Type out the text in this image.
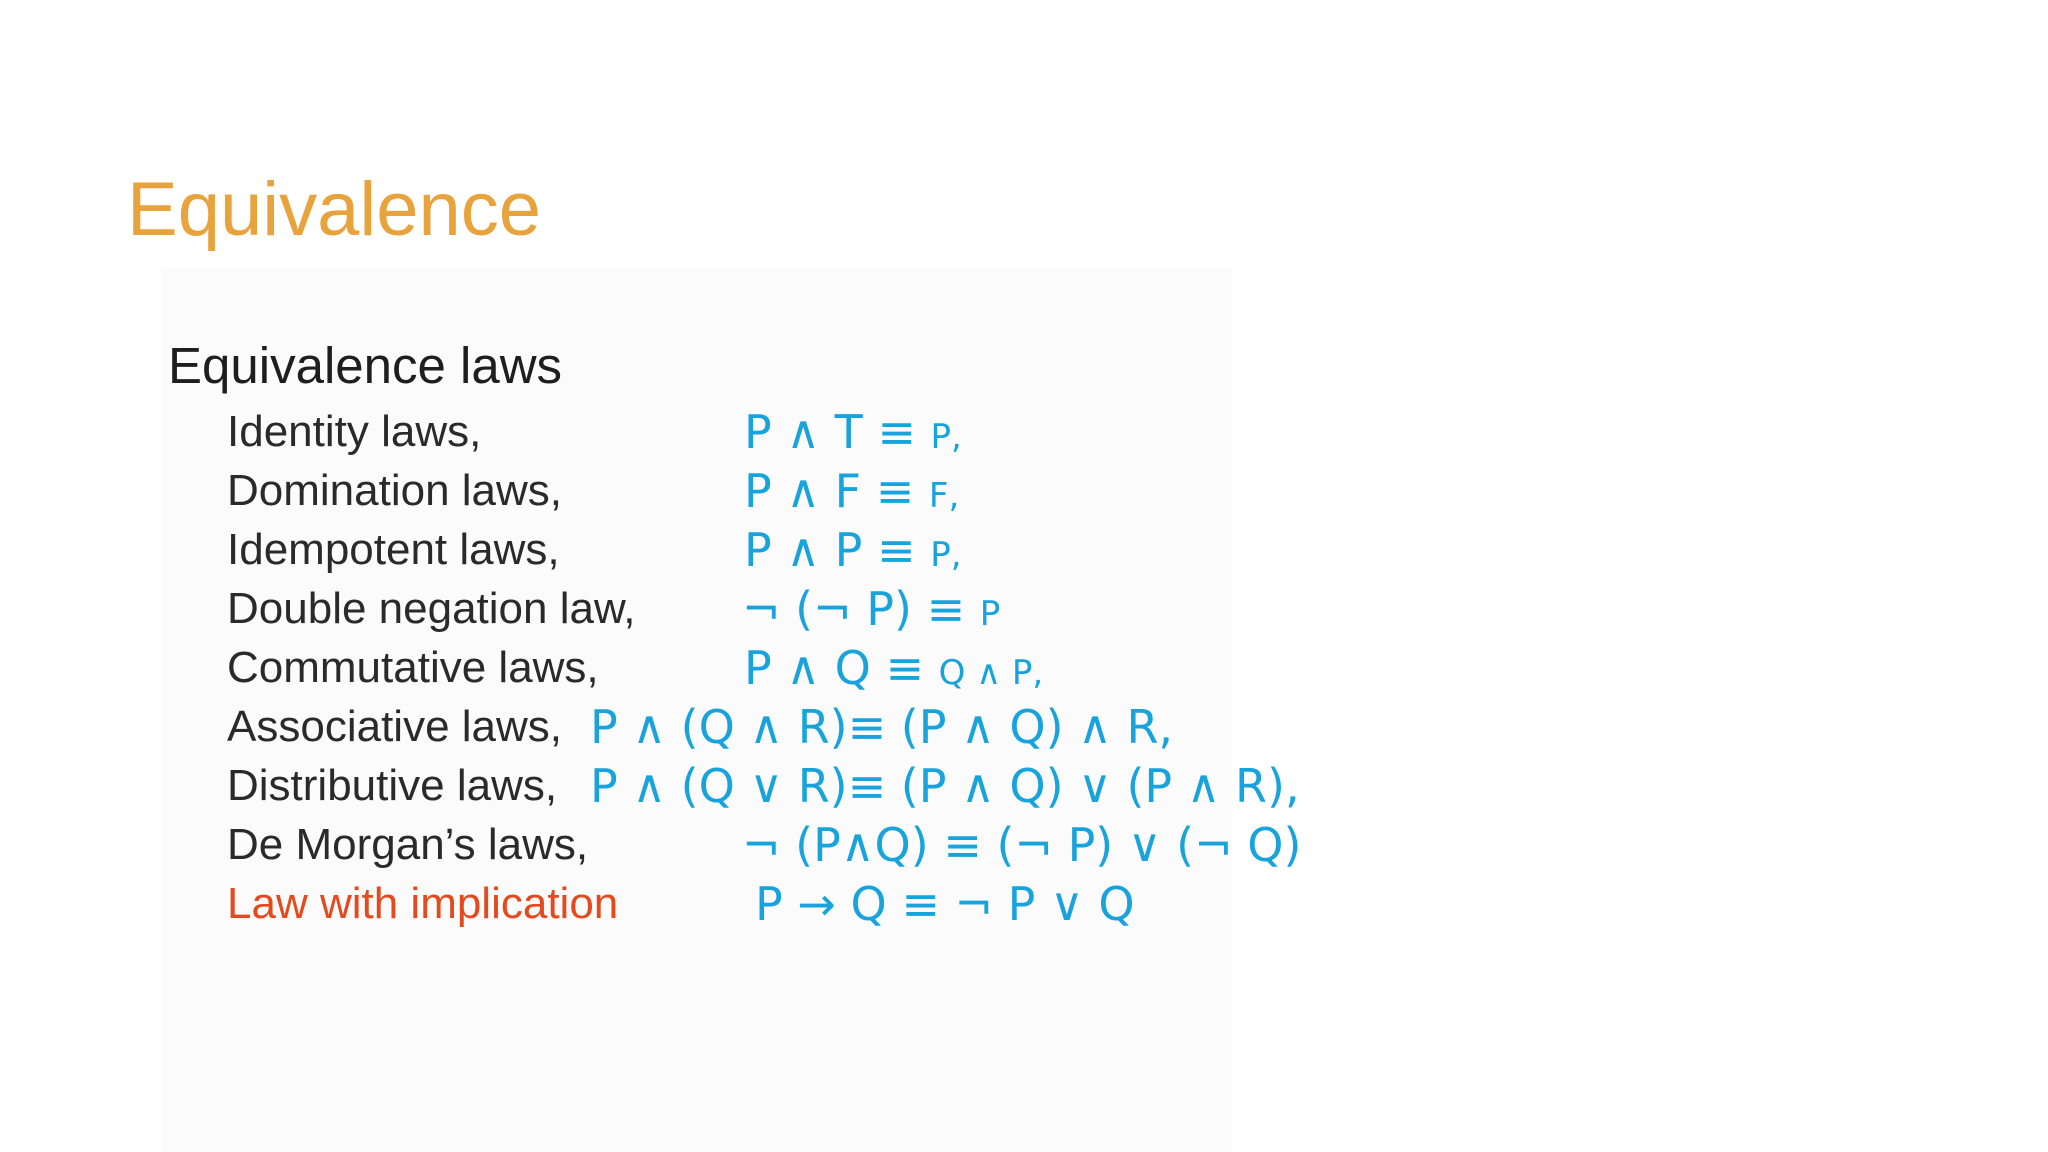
Equivalence
Equivalence laws
Identity laws,	P ∧ T ≡ P,
Domination laws,	P ∧ F ≡ F,
Idempotent laws,	P ∧ P ≡ P,
Double negation law, ¬ (¬ P) ≡ P
Commutative laws,	P ∧ Q ≡ Q ∧ P,
Associative laws, P ∧ (Q ∧ R)≡ (P ∧ Q) ∧ R,
Distributive laws, P ∧ (Q ∨ R)≡ (P ∧ Q) ∨ (P ∧ R),
De Morgan’s laws,	¬ (P∧Q) ≡ (¬ P) ∨ (¬ Q)
Law with implication	P → Q ≡ ¬ P ∨ Q
